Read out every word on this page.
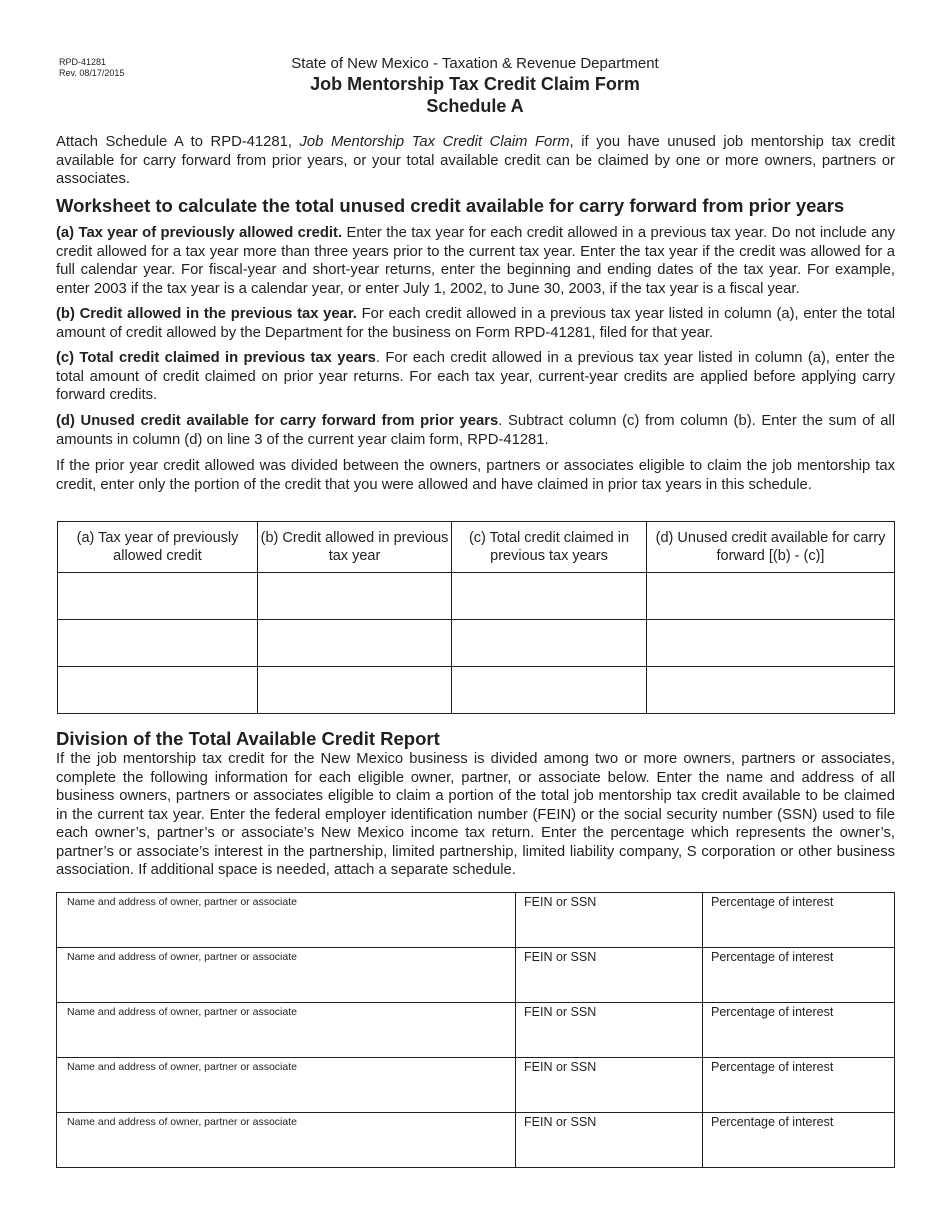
RPD-41281
Rev. 08/17/2015
State of New Mexico - Taxation & Revenue Department
Job Mentorship Tax Credit Claim Form
Schedule A

Attach Schedule A to RPD-41281, Job Mentorship Tax Credit Claim Form, if you have unused job mentorship tax credit available for carry forward from prior years, or your total available credit can be claimed by one or more owners, partners or associates.

Worksheet to calculate the total unused credit available for carry forward from prior years

(a) Tax year of previously allowed credit. Enter the tax year for each credit allowed in a previous tax year. Do not include any credit allowed for a tax year more than three years prior to the current tax year. Enter the tax year if the credit was allowed for a full calendar year. For fiscal-year and short-year returns, enter the beginning and ending dates of the tax year. For example, enter 2003 if the tax year is a calendar year, or enter July 1, 2002, to June 30, 2003, if the tax year is a fiscal year.

(b) Credit allowed in the previous tax year. For each credit allowed in a previous tax year listed in column (a), enter the total amount of credit allowed by the Department for the business on Form RPD-41281, filed for that year.

(c) Total credit claimed in previous tax years. For each credit allowed in a previous tax year listed in column (a), enter the total amount of credit claimed on prior year returns. For each tax year, current-year credits are applied before applying carry forward credits.

(d) Unused credit available for carry forward from prior years. Subtract column (c) from column (b). Enter the sum of all amounts in column (d) on line 3 of the current year claim form, RPD-41281.

If the prior year credit allowed was divided between the owners, partners or associates eligible to claim the job mentorship tax credit, enter only the portion of the credit that you were allowed and have claimed in prior tax years in this schedule.

(a) Tax year of previously allowed credit	(b) Credit allowed in previous tax year	(c) Total credit claimed in previous tax years	(d) Unused credit available for carry forward [(b) - (c)]

Division of the Total Available Credit Report

If the job mentorship tax credit for the New Mexico business is divided among two or more owners, partners or associates, complete the following information for each eligible owner, partner, or associate below. Enter the name and address of all business owners, partners or associates eligible to claim a portion of the total job mentorship tax credit available to be claimed in the current tax year. Enter the federal employer identification number (FEIN) or the social security number (SSN) used to file each owner’s, partner’s or associate’s New Mexico income tax return. Enter the percentage which represents the owner’s, partner’s or associate’s interest in the partnership, limited partnership, limited liability company, S corporation or other business association. If additional space is needed, attach a separate schedule.

Name and address of owner, partner or associate	FEIN or SSN	Percentage of interest

Name and address of owner, partner or associate	FEIN or SSN	Percentage of interest

Name and address of owner, partner or associate	FEIN or SSN	Percentage of interest

Name and address of owner, partner or associate	FEIN or SSN	Percentage of interest

Name and address of owner, partner or associate	FEIN or SSN	Percentage of interest
